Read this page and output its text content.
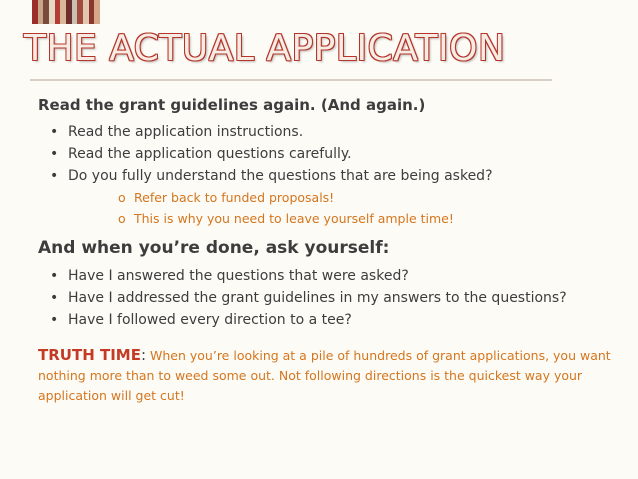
THE ACTUAL APPLICATION
Read the grant guidelines again. (And again.)
• Read the application instructions.
• Read the application questions carefully.
• Do you fully understand the questions that are being asked?
o Refer back to funded proposals!
o This is why you need to leave yourself ample time!
And when you’re done, ask yourself:
• Have I answered the questions that were asked?
• Have I addressed the grant guidelines in my answers to the questions?
• Have I followed every direction to a tee?
TRUTH TIME: When you’re looking at a pile of hundreds of grant applications, you want nothing more than to weed some out. Not following directions is the quickest way your application will get cut!
